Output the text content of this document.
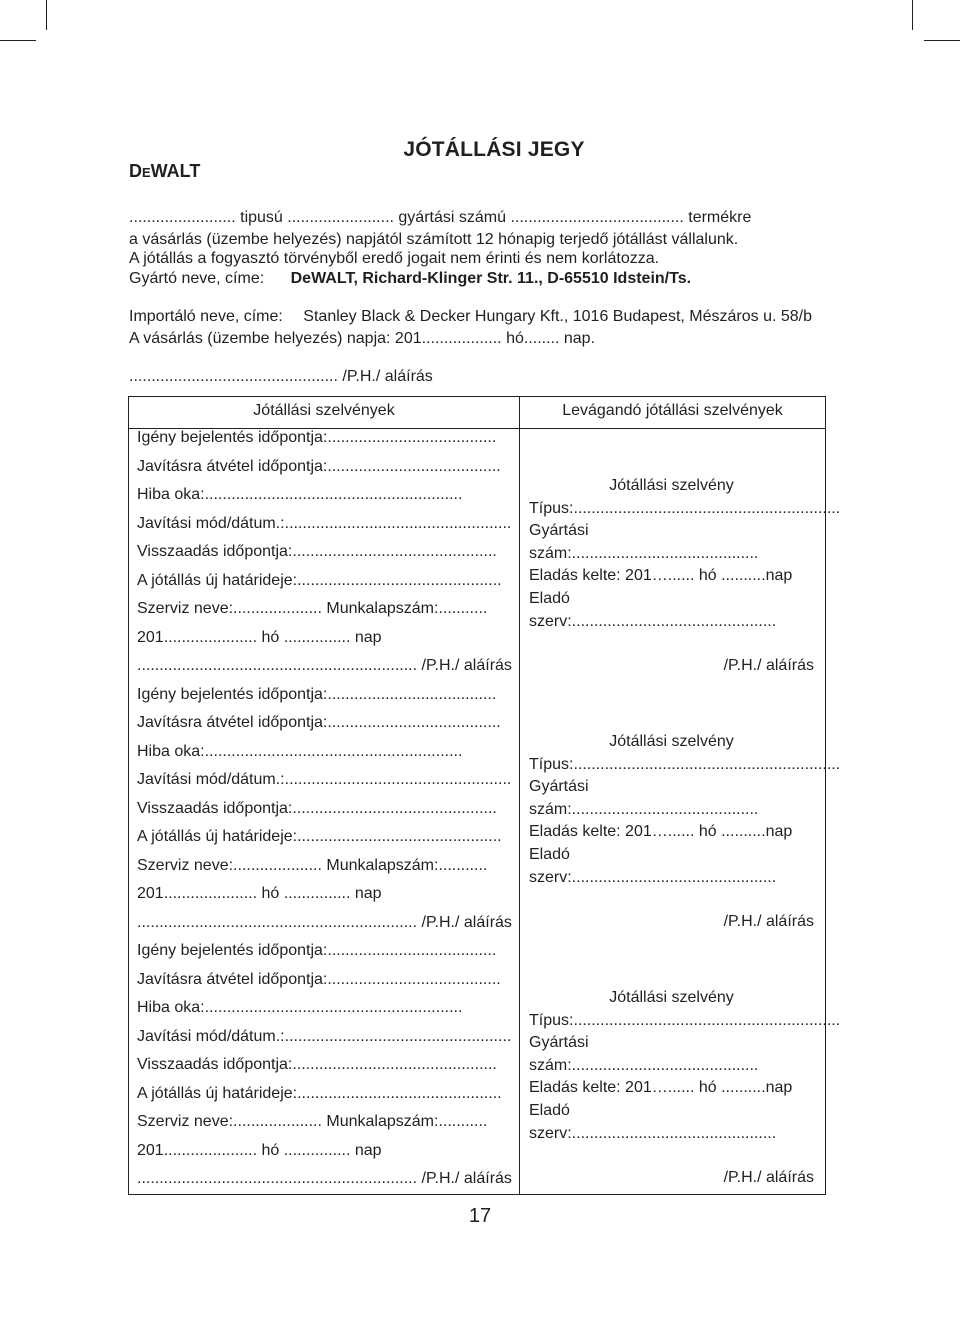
DEWALT
JÓTÁLLÁSI JEGY
........................ tipusú ........................ gyártási számú ....................................... termékre
a vásárlás (üzembe helyezés) napjától számított 12 hónapig terjedő jótállást vállalunk.
A jótállás a fogyasztó törvényből eredő jogait nem érinti és nem korlátozza.
Gyártó neve, címe: DeWALT, Richard-Klinger Str. 11., D-65510 Idstein/Ts.
Importáló neve, címe: Stanley Black & Decker Hungary Kft., 1016 Budapest, Mészáros u. 58/b
A vásárlás (üzembe helyezés) napja: 201.................. hó........ nap.
............................................... /P.H./ aláírás
Jótállási szelvények	Levágandó jótállási szelvények
Igény bejelentés időpontja:......................................
Javításra átvétel időpontja:.......................................
Hiba oka:..........................................................
Javítási mód/dátum.:...................................................
Visszaadás időpontja:..............................................
A jótállás új határideje:..............................................
Szerviz neve:.................... Munkalapszám:...........
201..................... hó ............... nap
............................................................... /P.H./ aláírás
Igény bejelentés időpontja:......................................
Javításra átvétel időpontja:.......................................
Hiba oka:..........................................................
Javítási mód/dátum.:...................................................
Visszaadás időpontja:..............................................
A jótállás új határideje:..............................................
Szerviz neve:.................... Munkalapszám:...........
201..................... hó ............... nap
............................................................... /P.H./ aláírás
Igény bejelentés időpontja:......................................
Javításra átvétel időpontja:.......................................
Hiba oka:..........................................................
Javítási mód/dátum.:...................................................
Visszaadás időpontja:..............................................
A jótállás új határideje:..............................................
Szerviz neve:.................... Munkalapszám:...........
201..................... hó ............... nap
............................................................... /P.H./ aláírás
Jótállási szelvény
Típus:............................................................
Gyártási szám:..........................................
Eladás kelte: 201…...... hó ..........nap
Eladó szerv:..............................................
/P.H./ aláírás
Jótállási szelvény
Típus:............................................................
Gyártási szám:..........................................
Eladás kelte: 201…...... hó ..........nap
Eladó szerv:..............................................
/P.H./ aláírás
Jótállási szelvény
Típus:............................................................
Gyártási szám:..........................................
Eladás kelte: 201…...... hó ..........nap
Eladó szerv:..............................................
/P.H./ aláírás
17
